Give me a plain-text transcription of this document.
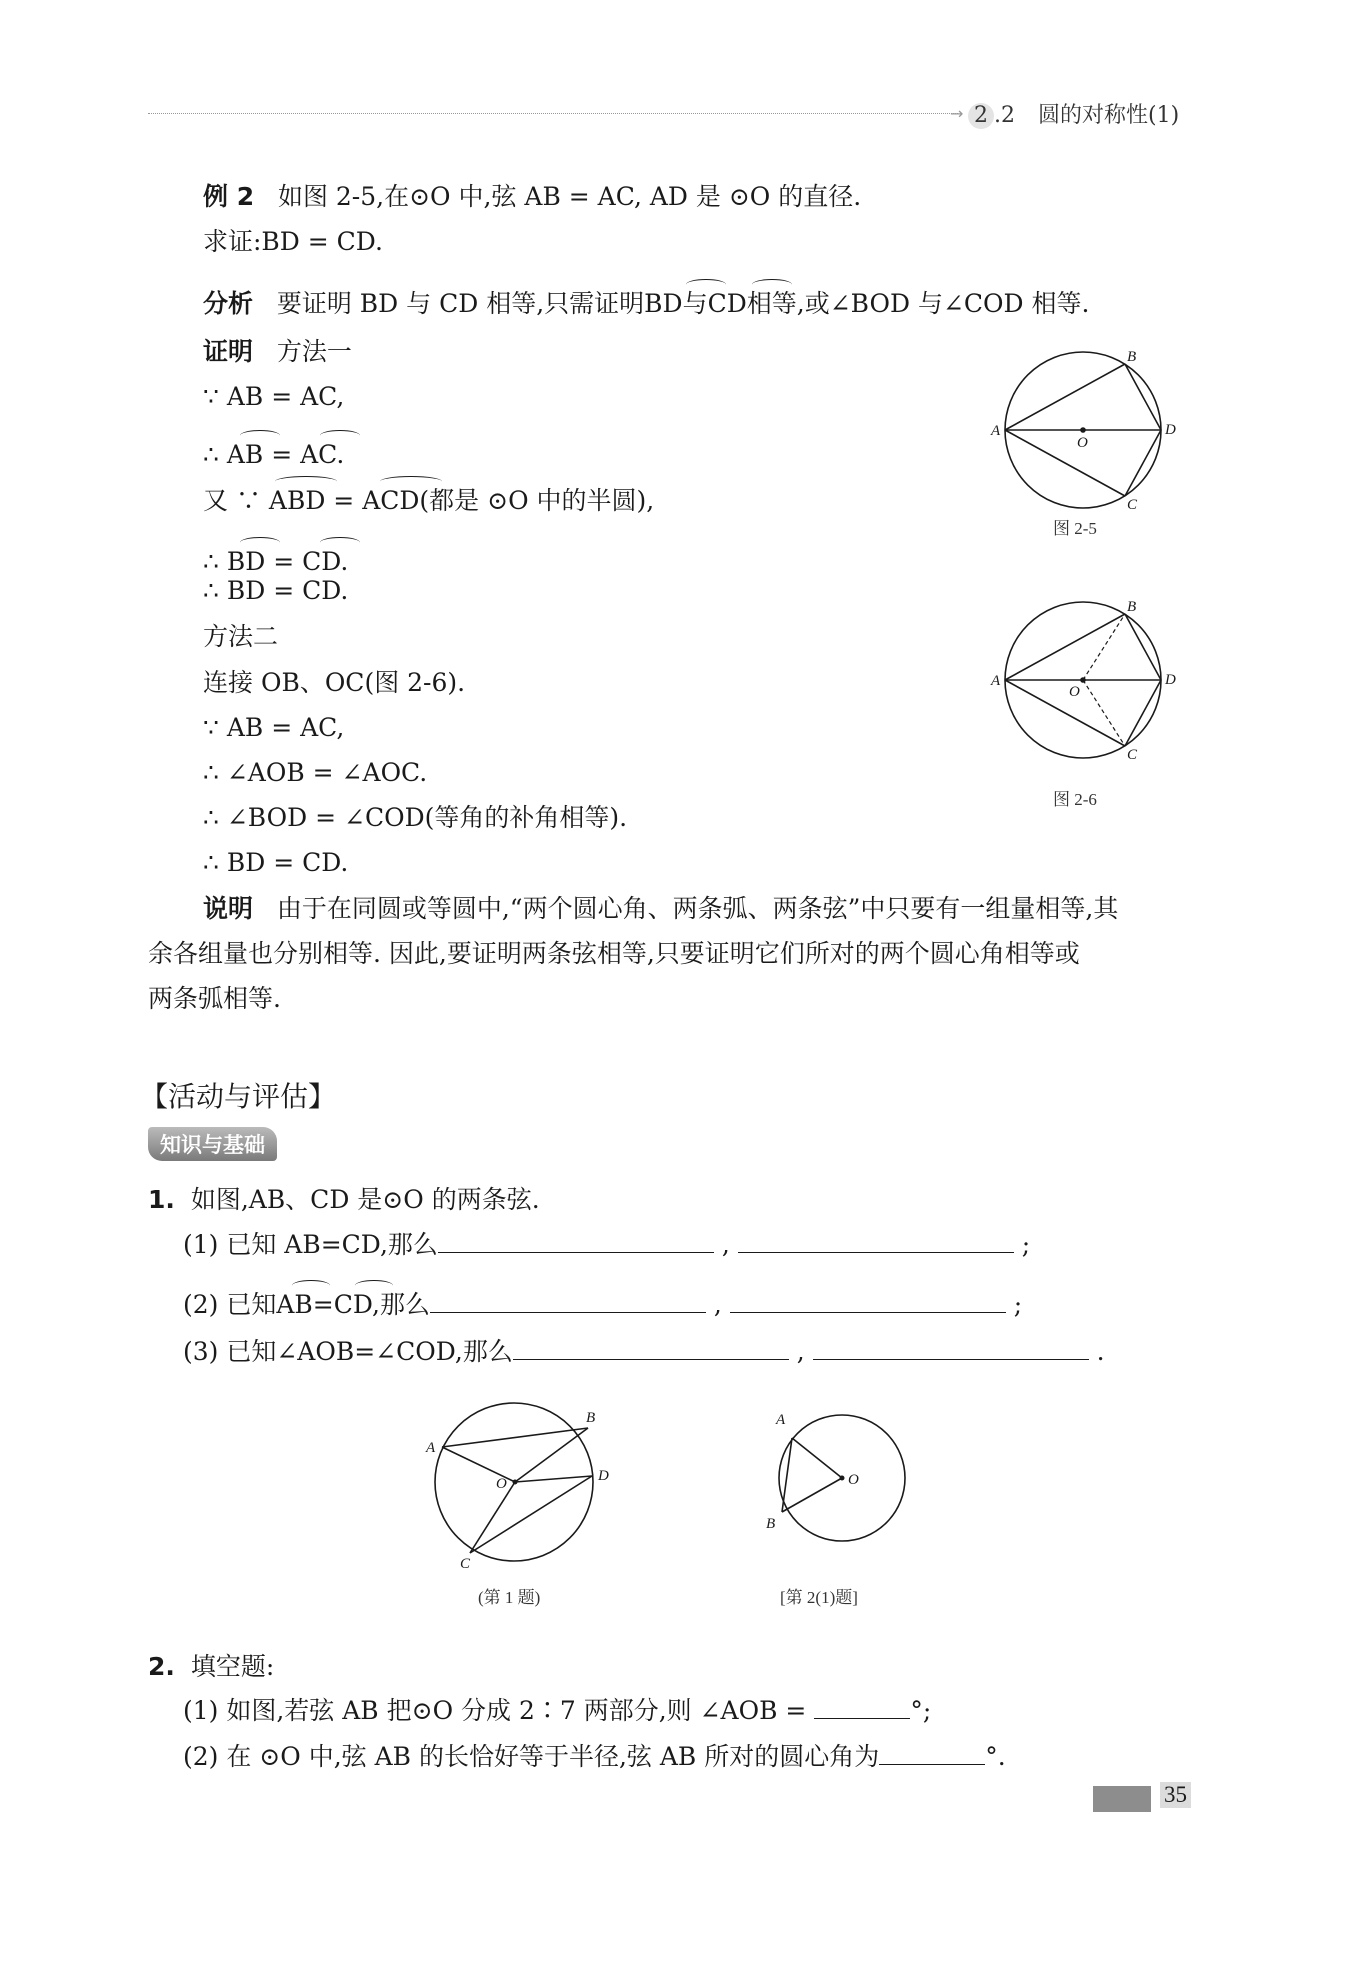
→ 2 .2 圆的对称性(1)
例 2 如图 2-5,在⊙O 中,弦 AB = AC, AD 是 ⊙O 的直径.
求证:BD = CD.
分析 要证明 BD 与 CD 相等,只需证明BD与CD相等,或∠BOD 与∠COD 相等.
证明 方法一
∵ AB = AC,
∴ AB = AC.
又 ∵ ABD = ACD(都是 ⊙O 中的半圆),
∴ BD = CD.
∴ BD = CD.
方法二
连接 OB、OC(图 2-6).
∵ AB = AC,
∴ ∠AOB = ∠AOC.
∴ ∠BOD = ∠COD(等角的补角相等).
∴ BD = CD.
说明 由于在同圆或等圆中,“两个圆心角、两条弧、两条弦”中只要有一组量相等,其
余各组量也分别相等. 因此,要证明两条弦相等,只要证明它们所对的两个圆心角相等或
两条弧相等.
A
B
C
D
O
图 2-5
A
B
C
D
O
图 2-6
【活动与评估】
知识与基础
1. 如图,AB、CD 是⊙O 的两条弦.
(1) 已知 AB=CD,那么	,	;
(2) 已知AB=CD,那么	,	;
(3) 已知∠AOB=∠COD,那么	,	.
A
B
C
D
O
(第 1 题)
A
B
O
[第 2(1)题]
2. 填空题:
(1) 如图,若弦 AB 把⊙O 分成 2∶7 两部分,则 ∠AOB =	°;
(2) 在 ⊙O 中,弦 AB 的长恰好等于半径,弦 AB 所对的圆心角为	°.
35
